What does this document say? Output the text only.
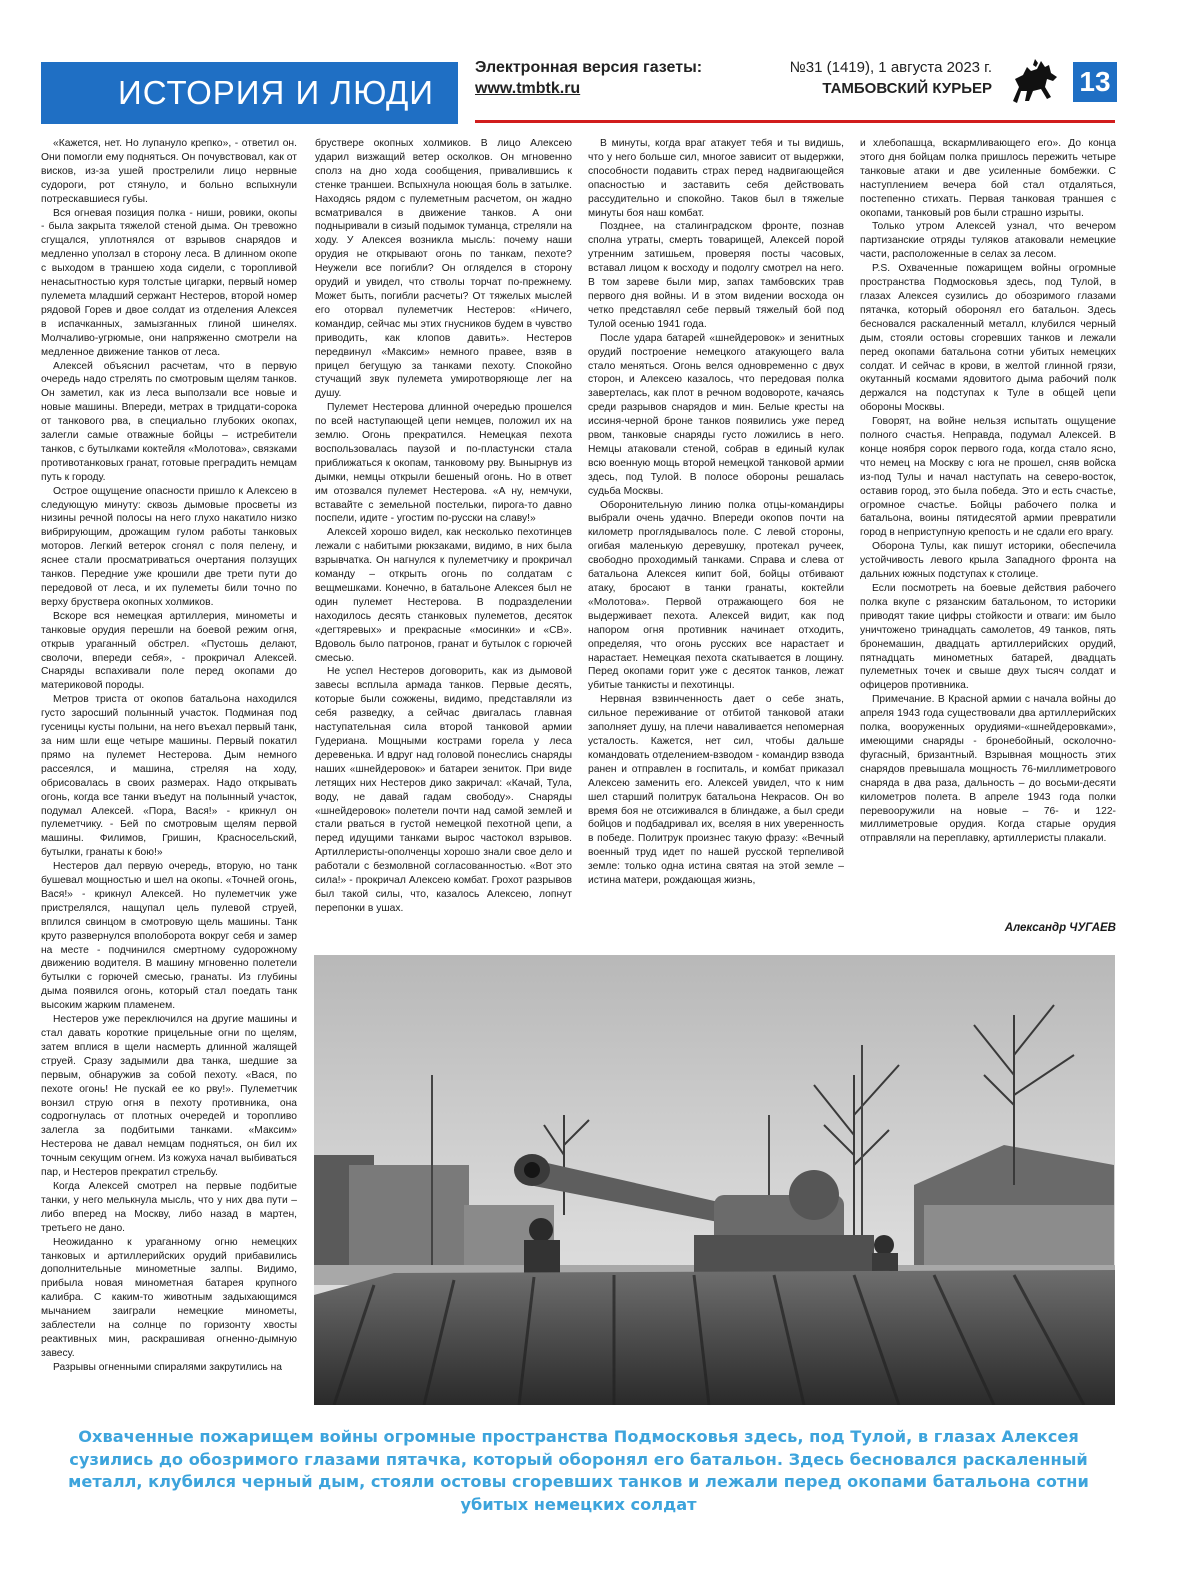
ИСТОРИЯ И ЛЮДИ
Электронная версия газеты:
www.tmbtk.ru
№31 (1419), 1 августа 2023 г.
ТАМБОВСКИЙ КУРЬЕР	13

«Кажется, нет. Но лупануло крепко», - ответил он. Они помогли ему подняться. Он почувствовал, как от висков, из-за ушей прострелили лицо нервные судороги, рот стянуло, и больно вспыхнули потрескавшиеся губы.

Вся огневая позиция полка - ниши, ровики, окопы - была закрыта тяжелой стеной дыма. Он тревожно сгущался, уплотнялся от взрывов снарядов и медленно уползал в сторону леса. В длинном окопе с выходом в траншею хода сидели, с торопливой ненасытностью куря толстые цигарки, первый номер пулемета младший сержант Нестеров, второй номер рядовой Горев и двое солдат из отделения Алексея в испачканных, замызганных глиной шинелях. Молчаливо-угрюмые, они напряженно смотрели на медленное движение танков от леса.

Алексей объяснил расчетам, что в первую очередь надо стрелять по смотровым щелям танков. Он заметил, как из леса выползали все новые и новые машины. Впереди, метрах в тридцати-сорока от танкового рва, в специально глубоких окопах, залегли самые отважные бойцы – истребители танков, с бутылками коктейля «Молотова», связками противотанковых гранат, готовые преградить немцам путь к городу.

Острое ощущение опасности пришло к Алексею в следующую минуту: сквозь дымовые просветы из низины речной полосы на него глухо накатило низко вибрирующим, дрожащим гулом работы танковых моторов. Легкий ветерок сгонял с поля пелену, и яснее стали просматриваться очертания ползущих танков. Передние уже крошили две трети пути до передовой от леса, и их пулеметы били точно по верху бруствера окопных холмиков.

Вскоре вся немецкая артиллерия, минометы и танковые орудия перешли на боевой режим огня, открыв ураганный обстрел. «Пустошь делают, сволочи, впереди себя», - прокричал Алексей. Снаряды вспахивали поле перед окопами до материковой породы.

Метров триста от окопов батальона находился густо заросший полынный участок. Подминая под гусеницы кусты полыни, на него въехал первый танк, за ним шли еще четыре машины. Первый покатил прямо на пулемет Нестерова. Дым немного рассеялся, и машина, стреляя на ходу, обрисовалась в своих размерах. Надо открывать огонь, когда все танки въедут на полынный участок, подумал Алексей. «Пора, Вася!» - крикнул он пулеметчику. - Бей по смотровым щелям первой машины. Филимов, Гришин, Красносельский, бутылки, гранаты к бою!»

Нестеров дал первую очередь, вторую, но танк бушевал мощностью и шел на окопы. «Точней огонь, Вася!» - крикнул Алексей. Но пулеметчик уже пристрелялся, нащупал цель пулевой струей, вплился свинцом в смотровую щель машины. Танк круто развернулся вполоборота вокруг себя и замер на месте - подчинился смертному судорожному движению водителя. В машину мгновенно полетели бутылки с горючей смесью, гранаты. Из глубины дыма появился огонь, который стал поедать танк высоким жарким пламенем.

Нестеров уже переключился на другие машины и стал давать короткие прицельные огни по щелям, затем вплися в щели насмерть длинной жалящей струей. Сразу задымили два танка, шедшие за первым, обнаружив за собой пехоту. «Вася, по пехоте огонь! Не пускай ее ко рву!». Пулеметчик вонзил струю огня в пехоту противника, она содрогнулась от плотных очередей и торопливо залегла за подбитыми танками. «Максим» Нестерова не давал немцам подняться, он бил их точным секущим огнем. Из кожуха начал выбиваться пар, и Нестеров прекратил стрельбу.

Когда Алексей смотрел на первые подбитые танки, у него мелькнула мысль, что у них два пути – либо вперед на Москву, либо назад в мартен, третьего не дано.

Неожиданно к ураганному огню немецких танковых и артиллерийских орудий прибавились дополнительные минометные залпы. Видимо, прибыла новая минометная батарея крупного калибра. С каким-то животным задыхающимся мычанием заиграли немецкие минометы, заблестели на солнце по горизонту хвосты реактивных мин, раскрашивая огненно-дымную завесу.

Разрывы огненными спиралями закрутились на

бруствере окопных холмиков. В лицо Алексею ударил визжащий ветер осколков. Он мгновенно сполз на дно хода сообщения, привалившись к стенке траншеи. Вспыхнула ноющая боль в затылке. Находясь рядом с пулеметным расчетом, он жадно всматривался в движение танков. А они подныривали в сизый подымок туманца, стреляли на ходу. У Алексея возникла мысль: почему наши орудия не открывают огонь по танкам, пехоте? Неужели все погибли? Он огляделся в сторону орудий и увидел, что стволы торчат по-прежнему. Может быть, погибли расчеты? От тяжелых мыслей его оторвал пулеметчик Нестеров: «Ничего, командир, сейчас мы этих гнусников будем в чувство приводить, как клопов давить». Нестеров передвинул «Максим» немного правее, взяв в прицел бегущую за танками пехоту. Спокойно стучащий звук пулемета умиротворяюще лег на душу.

Пулемет Нестерова длинной очередью прошелся по всей наступающей цепи немцев, положил их на землю. Огонь прекратился. Немецкая пехота воспользовалась паузой и по-пластунски стала приближаться к окопам, танковому рву. Вынырнув из дымки, немцы открыли бешеный огонь. Но в ответ им отозвался пулемет Нестерова. «А ну, немчуки, вставайте с земельной постельки, пирога-то давно поспели, идите - угостим по-русски на славу!»

Алексей хорошо видел, как несколько пехотинцев лежали с набитыми рюкзаками, видимо, в них была взрывчатка. Он нагнулся к пулеметчику и прокричал команду – открыть огонь по солдатам с вещмешками. Конечно, в батальоне Алексея был не один пулемет Нестерова. В подразделении находилось десять станковых пулеметов, десяток «дегтяревых» и прекрасные «мосинки» и «СВ». Вдоволь было патронов, гранат и бутылок с горючей смесью.

Не успел Нестеров договорить, как из дымовой завесы всплыла армада танков. Первые десять, которые были сожжены, видимо, представляли из себя разведку, а сейчас двигалась главная наступательная сила второй танковой армии Гудериана. Мощными кострами горела у леса деревенька. И вдруг над головой понеслись снаряды наших «шнейдеровок» и батареи зениток. При виде летящих них Нестеров дико закричал: «Качай, Тула, воду, не давай гадам свободу». Снаряды «шнейдеровок» полетели почти над самой землей и стали рваться в густой немецкой пехотной цепи, а перед идущими танками вырос частокол взрывов. Артиллеристы-ополченцы хорошо знали свое дело и работали с безмолвной согласованностью. «Вот это сила!» - прокричал Алексею комбат. Грохот разрывов был такой силы, что, казалось Алексею, лопнут перепонки в ушах.

В минуты, когда враг атакует тебя и ты видишь, что у него больше сил, многое зависит от выдержки, способности подавить страх перед надвигающейся опасностью и заставить себя действовать рассудительно и спокойно. Таков был в тяжелые минуты боя наш комбат.

Позднее, на сталинградском фронте, познав сполна утраты, смерть товарищей, Алексей порой утренним затишьем, проверяя посты часовых, вставал лицом к восходу и подолгу смотрел на него. В том зареве были мир, запах тамбовских трав первого дня войны. И в этом видении восхода он четко представлял себе первый тяжелый бой под Тулой осенью 1941 года.

После удара батарей «шнейдеровок» и зенитных орудий построение немецкого атакующего вала стало меняться. Огонь велся одновременно с двух сторон, и Алексею казалось, что передовая полка завертелась, как плот в речном водовороте, качаясь среди разрывов снарядов и мин. Белые кресты на иссиня-черной броне танков появились уже перед рвом, танковые снаряды густо ложились в него. Немцы атаковали стеной, собрав в единый кулак всю военную мощь второй немецкой танковой армии здесь, под Тулой. В полосе обороны решалась судьба Москвы.

Оборонительную линию полка отцы-командиры выбрали очень удачно. Впереди окопов почти на километр проглядывалось поле. С левой стороны, огибая маленькую деревушку, протекал ручеек, свободно проходимый танками. Справа и слева от батальона Алексея кипит бой, бойцы отбивают атаку, бросают в танки гранаты, коктейли «Молотова». Первой отражающего боя не выдерживает пехота. Алексей видит, как под напором огня противник начинает отходить, определяя, что огонь русских все нарастает и нарастает. Немецкая пехота скатывается в лощину. Перед окопами горит уже с десяток танков, лежат убитые танкисты и пехотинцы.

Нервная взвинченность дает о себе знать, сильное переживание от отбитой танковой атаки заполняет душу, на плечи наваливается непомерная усталость. Кажется, нет сил, чтобы дальше командовать отделением-взводом - командир взвода ранен и отправлен в госпиталь, и комбат приказал Алексею заменить его. Алексей увидел, что к ним шел старший политрук батальона Некрасов. Он во время боя не отсиживался в блиндаже, а был среди бойцов и подбадривал их, вселяя в них уверенность в победе. Политрук произнес такую фразу: «Вечный военный труд идет по нашей русской терпеливой земле: только одна истина святая на этой земле – истина матери, рождающая жизнь,

и хлебопашца, вскармливающего его». До конца этого дня бойцам полка пришлось пережить четыре танковые атаки и две усиленные бомбежки. С наступлением вечера бой стал отдаляться, постепенно стихать. Первая танковая траншея с окопами, танковый ров были страшно изрыты.

Только утром Алексей узнал, что вечером партизанские отряды туляков атаковали немецкие части, расположенные в селах за лесом.

P.S. Охваченные пожарищем войны огромные пространства Подмосковья здесь, под Тулой, в глазах Алексея сузились до обозримого глазами пятачка, который оборонял его батальон. Здесь бесновался раскаленный металл, клубился черный дым, стояли остовы сгоревших танков и лежали перед окопами батальона сотни убитых немецких солдат. И сейчас в крови, в желтой глинной грязи, окутанный космами ядовитого дыма рабочий полк держался на подступах к Туле в общей цепи обороны Москвы.

Говорят, на войне нельзя испытать ощущение полного счастья. Неправда, подумал Алексей. В конце ноября сорок первого года, когда стало ясно, что немец на Москву с юга не прошел, сняв войска из-под Тулы и начал наступать на северо-восток, оставив город, это была победа. Это и есть счастье, огромное счастье. Бойцы рабочего полка и батальона, воины пятидесятой армии превратили город в неприступную крепость и не сдали его врагу.

Оборона Тулы, как пишут историки, обеспечила устойчивость левого крыла Западного фронта на дальних южных подступах к столице.

Если посмотреть на боевые действия рабочего полка вкупе с рязанским батальоном, то историки приводят такие цифры стойкости и отваги: им было уничтожено тринадцать самолетов, 49 танков, пять бронемашин, двадцать артиллерийских орудий, пятнадцать минометных батарей, двадцать пулеметных точек и свыше двух тысяч солдат и офицеров противника.

Примечание. В Красной армии с начала войны до апреля 1943 года существовали два артиллерийских полка, вооруженных орудиями-«шнейдеровками», имеющими снаряды - бронебойный, осколочно-фугасный, бризантный. Взрывная мощность этих снарядов превышала мощность 76-миллиметрового снаряда в два раза, дальность – до восьми-десяти километров полета. В апреле 1943 года полки перевооружили на новые – 76- и 122-миллиметровые орудия. Когда старые орудия отправляли на переплавку, артиллеристы плакали.

Александр ЧУГАЕВ
Охваченные пожарищем войны огромные пространства Подмосковья здесь, под Тулой, в глазах Алексея сузились до обозримого глазами пятачка, который оборонял его батальон. Здесь бесновался раскаленный металл, клубился черный дым, стояли остовы сгоревших танков и лежали перед окопами батальона сотни убитых немецких солдат
